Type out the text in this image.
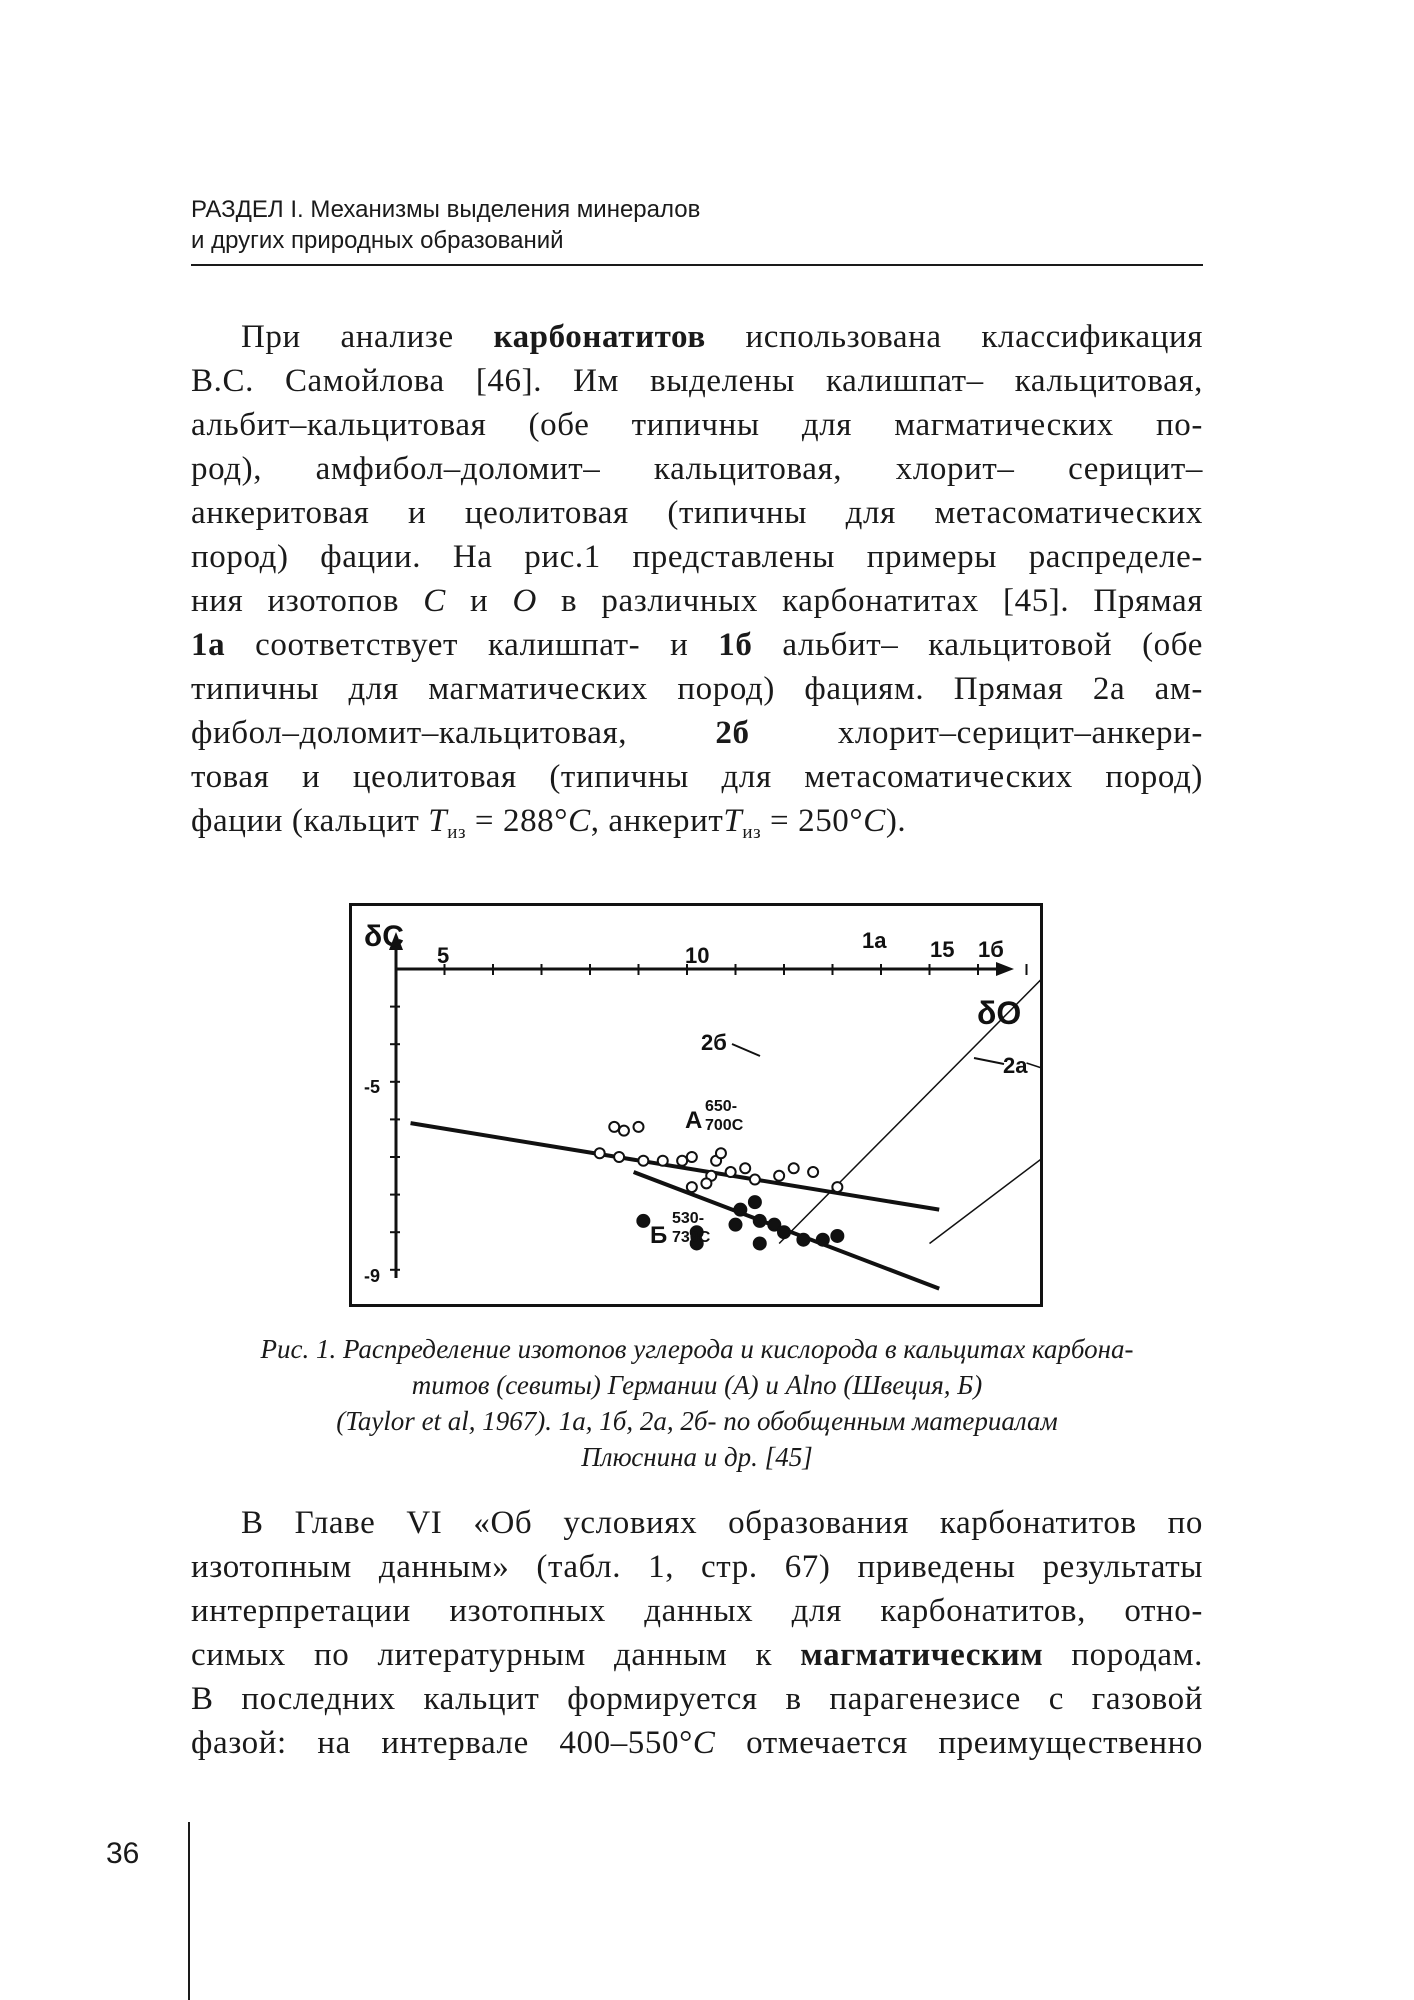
РАЗДЕЛ I. Механизмы выделения минералов
и других природных образований
При анализе карбонатитов использована классификация
В.С. Самойлова [46]. Им выделены калишпат– кальцитовая,
альбит–кальцитовая (обе типичны для магматических по-
род), амфибол–доломит– кальцитовая, хлорит– серицит–
анкеритовая и цеолитовая (типичны для метасоматических
пород) фации. На рис.1 представлены примеры распределе-
ния изотопов С и О в различных карбонатитах [45]. Прямая
1а соответствует калишпат- и 1б альбит– кальцитовой (обе
типичны для магматических пород) фациям. Прямая 2а ам-
фибол–доломит–кальцитовая, 2б хлорит–серицит–анкери-
товая и цеолитовая (типичны для метасоматических пород)
фации (кальцит $Т_{из} = 288^\circ С$, анкеритТ$_{из}$ = 250°С).
δC
δO
5	10	15
-5
-9
1а	1б
2а
2б
А
650-
700С
Б
530-
730С
Рис. 1. Распределение изотопов углерода и кислорода в кальцитах карбона-
титов (севиты) Германии (А) и Alno (Швеция, Б)
(Taylor et al, 1967). 1а, 1б, 2а, 2б- по обобщенным материалам
Плюснина и др. [45]
В Главе VI «Об условиях образования карбонатитов по
изотопным данным» (табл. 1, стр. 67) приведены результаты
интерпретации изотопных данных для карбонатитов, отно-
симых по литературным данным к магматическим породам.
В последних кальцит формируется в парагенезисе с газовой
фазой: на интервале 400–550°С отмечается преимущественно
36
